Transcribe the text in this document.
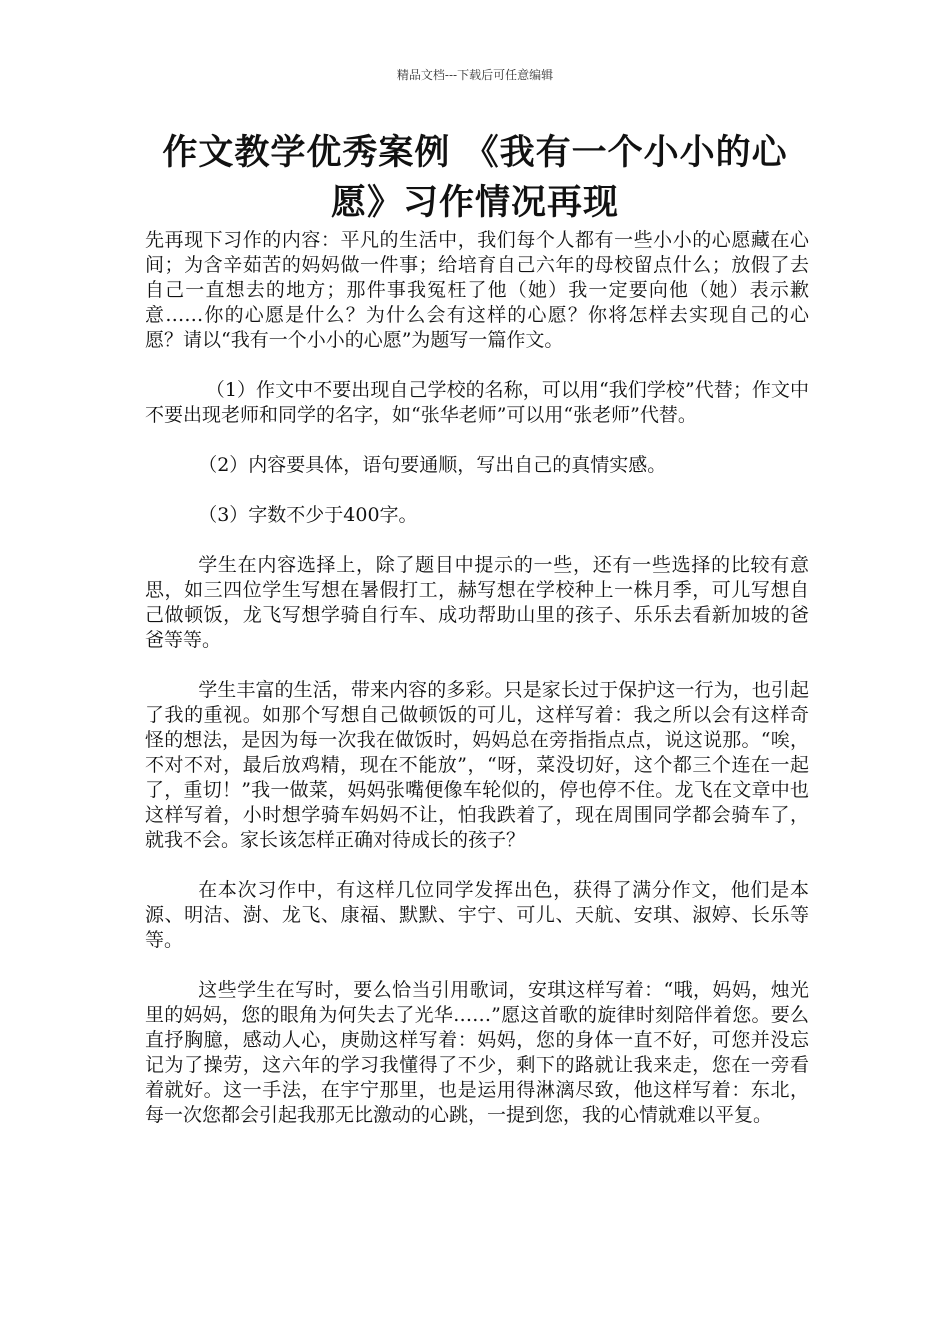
精品文档---下载后可任意编辑
作文教学优秀案例 《我有一个小小的心愿》习作情况再现

先再现下习作的内容：平凡的生活中，我们每个人都有一些小小的心愿藏在心间；为含辛茹苦的妈妈做一件事；给培育自己六年的母校留点什么；放假了去自己一直想去的地方；那件事我冤枉了他（她）我一定要向他（她）表示歉意……你的心愿是什么？为什么会有这样的心愿？你将怎样去实现自己的心愿？请以“我有一个小小的心愿”为题写一篇作文。

（1）作文中不要出现自己学校的名称，可以用“我们学校”代替；作文中不要出现老师和同学的名字，如“张华老师”可以用“张老师”代替。

（2）内容要具体，语句要通顺，写出自己的真情实感。

（3）字数不少于400字。

学生在内容选择上，除了题目中提示的一些，还有一些选择的比较有意思，如三四位学生写想在暑假打工，赫写想在学校种上一株月季，可儿写想自己做顿饭，龙飞写想学骑自行车、成功帮助山里的孩子、乐乐去看新加坡的爸爸等等。

学生丰富的生活，带来内容的多彩。只是家长过于保护这一行为，也引起了我的重视。如那个写想自己做顿饭的可儿，这样写着：我之所以会有这样奇怪的想法，是因为每一次我在做饭时，妈妈总在旁指指点点，说这说那。“唉，不对不对，最后放鸡精，现在不能放”，“呀，菜没切好，这个都三个连在一起了，重切！”我一做菜，妈妈张嘴便像车轮似的，停也停不住。龙飞在文章中也这样写着，小时想学骑车妈妈不让，怕我跌着了，现在周围同学都会骑车了，就我不会。家长该怎样正确对待成长的孩子？

在本次习作中，有这样几位同学发挥出色，获得了满分作文，他们是本源、明洁、澍、龙飞、康福、默默、宇宁、可儿、天航、安琪、淑婷、长乐等等。

这些学生在写时，要么恰当引用歌词，安琪这样写着：“哦，妈妈，烛光里的妈妈，您的眼角为何失去了光华……”愿这首歌的旋律时刻陪伴着您。要么直抒胸臆，感动人心，庚勋这样写着：妈妈，您的身体一直不好，可您并没忘记为了操劳，这六年的学习我懂得了不少，剩下的路就让我来走，您在一旁看着就好。这一手法，在宇宁那里，也是运用得淋漓尽致，他这样写着：东北，每一次您都会引起我那无比激动的心跳，一提到您，我的心情就难以平复。
